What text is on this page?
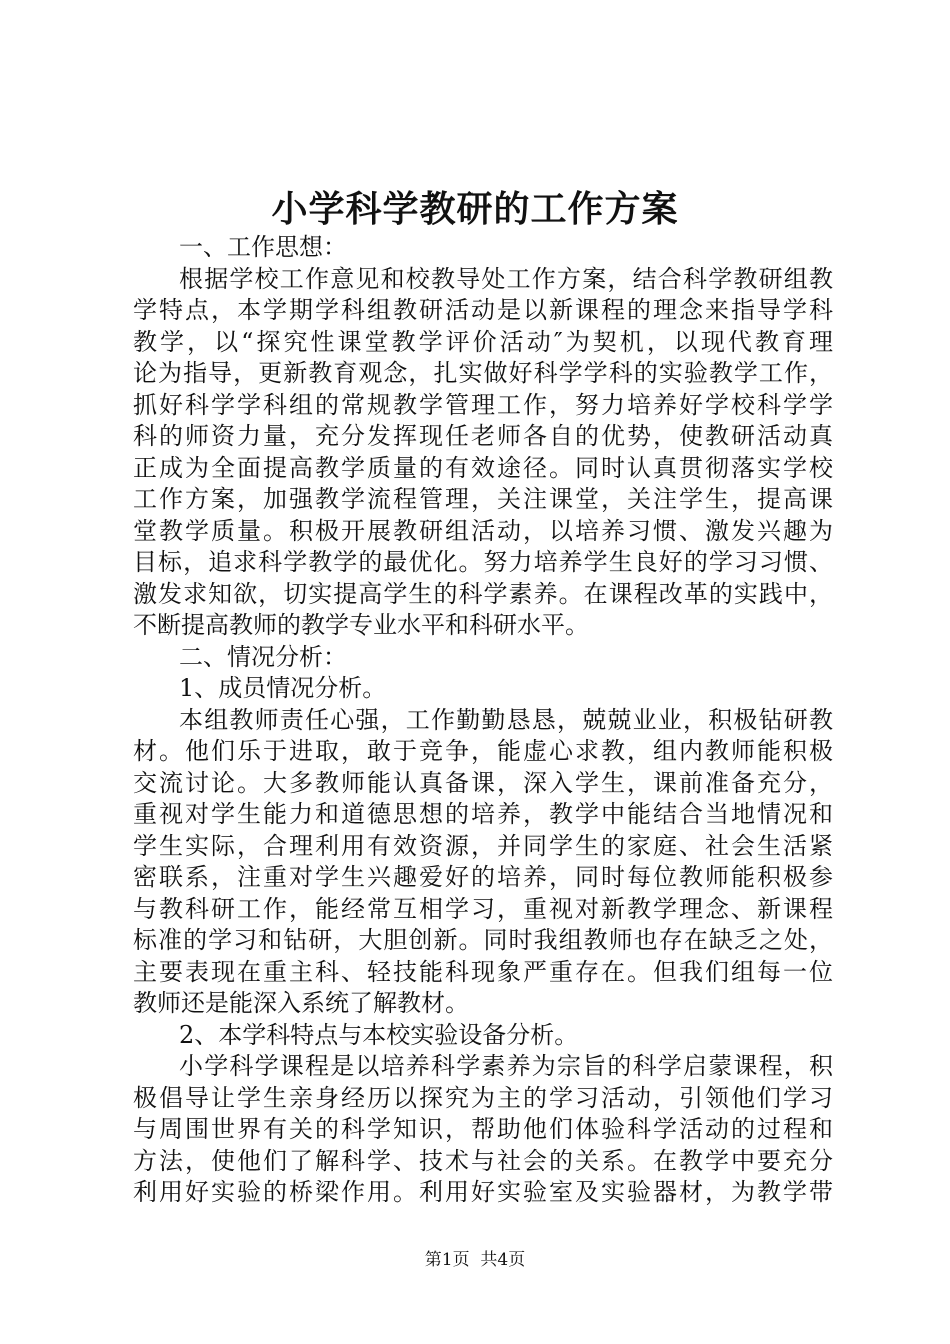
小学科学教研的工作方案
一、工作思想：
根据学校工作意见和校教导处工作方案，结合科学教研组教
学特点，本学期学科组教研活动是以新课程的理念来指导学科
教学，以“探究性课堂教学评价活动″为契机，以现代教育理
论为指导，更新教育观念，扎实做好科学学科的实验教学工作，
抓好科学学科组的常规教学管理工作，努力培养好学校科学学
科的师资力量，充分发挥现任老师各自的优势，使教研活动真
正成为全面提高教学质量的有效途径。同时认真贯彻落实学校
工作方案，加强教学流程管理，关注课堂，关注学生，提高课
堂教学质量。积极开展教研组活动，以培养习惯、激发兴趣为
目标，追求科学教学的最优化。努力培养学生良好的学习习惯、
激发求知欲，切实提高学生的科学素养。在课程改革的实践中，
不断提高教师的教学专业水平和科研水平。
二、情况分析：
1、成员情况分析。
本组教师责任心强，工作勤勤恳恳，兢兢业业，积极钻研教
材。他们乐于进取，敢于竞争，能虚心求教，组内教师能积极
交流讨论。大多教师能认真备课，深入学生，课前准备充分，
重视对学生能力和道德思想的培养，教学中能结合当地情况和
学生实际，合理利用有效资源，并同学生的家庭、社会生活紧
密联系，注重对学生兴趣爱好的培养，同时每位教师能积极参
与教科研工作，能经常互相学习，重视对新教学理念、新课程
标准的学习和钻研，大胆创新。同时我组教师也存在缺乏之处，
主要表现在重主科、轻技能科现象严重存在。但我们组每一位
教师还是能深入系统了解教材。
2、本学科特点与本校实验设备分析。
小学科学课程是以培养科学素养为宗旨的科学启蒙课程，积
极倡导让学生亲身经历以探究为主的学习活动，引领他们学习
与周围世界有关的科学知识，帮助他们体验科学活动的过程和
方法，使他们了解科学、技术与社会的关系。在教学中要充分
利用好实验的桥梁作用。利用好实验室及实验器材，为教学带
第1页  共4页
